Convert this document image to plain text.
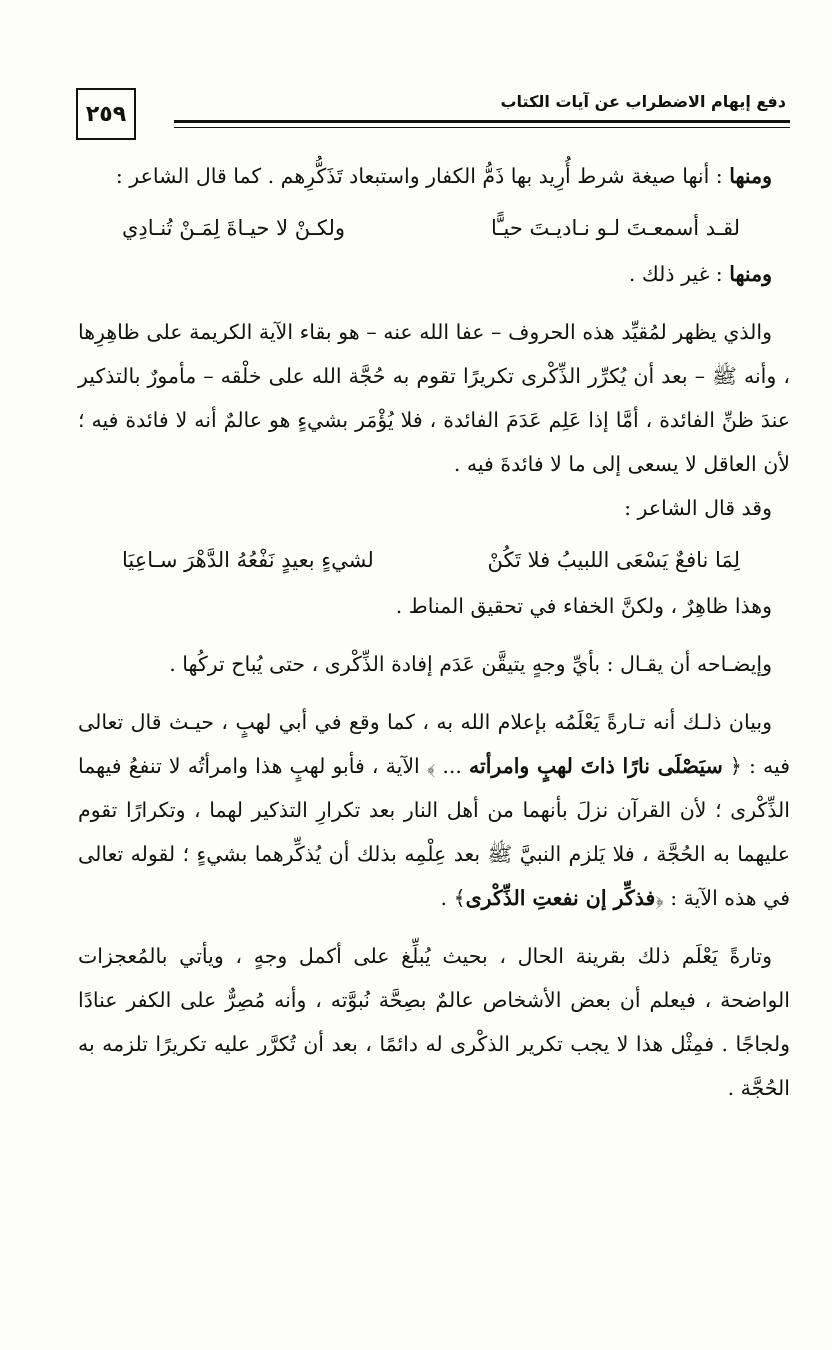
دفع إيهام الاضطراب عن آيات الكتاب
٢٥٩

ومنها : أنها صيغة شرط أُرِيد بها ذَمُّ الكفار واستبعاد تَذَكُّرِهم . كما قال الشاعر :

لقـد أسمعـتَ لـو نـاديـتَ حيـًّا
ولكـنْ لا حيـاةَ لِمَـنْ تُنـادِي

ومنها : غير ذلك .

والذي يظهر لمُقيِّد هذه الحروف – عفا الله عنه – هو بقاء الآية الكريمة على ظاهِرِها ، وأنه ﷺ – بعد أن يُكرِّر الذِّكْرى تكريرًا تقوم به حُجَّة الله على خلْقه – مأمورٌ بالتذكير عندَ ظنِّ الفائدة ، أمَّا إذا عَلِم عَدَمَ الفائدة ، فلا يُؤْمَر بشيءٍ هو عالمٌ أنه لا فائدة فيه ؛ لأن العاقل لا يسعى إلى ما لا فائدةَ فيه .

وقد قال الشاعر :

لِمَا نافعٌ يَسْعَى اللبيبُ فلا تَكُنْ
لشيءٍ بعيدٍ نَفْعُهُ الدَّهْرَ سـاعِيَا

وهذا ظاهِرٌ ، ولكنَّ الخفاء في تحقيق المناط .

وإيضـاحه أن يقـال : بأيِّ وجهٍ يتيقَّن عَدَم إفادة الذِّكْرى ، حتى يُباح تركُها .

وبيان ذلـك أنه تـارةً يَعْلَمُه بإعلام الله به ، كما وقع في أبي لهبٍ ، حيـث قال تعالى فيه : ﴿ سيَصْلَى نارًا ذاتَ لهبٍ وامرأته ... ﴾ الآية ، فأبو لهبٍ هذا وامرأتُه لا تنفعُ فيهما الذِّكْرى ؛ لأن القرآن نزلَ بأنهما من أهل النار بعد تكرارِ التذكير لهما ، وتكرارًا تقوم عليهما به الحُجَّة ، فلا يَلزم النبيَّ ﷺ بعد عِلْمِه بذلك أن يُذكِّرهما بشيءٍ ؛ لقوله تعالى في هذه الآية : ﴿فذكِّر إن نفعتِ الذِّكْرى﴾ .

وتارةً يَعْلَم ذلك بقرينة الحال ، بحيث يُبلِّغ على أكمل وجهٍ ، ويأتي بالمُعجزات الواضحة ، فيعلم أن بعض الأشخاص عالمٌ بصِحَّة نُبوَّته ، وأنه مُصِرٌّ على الكفر عنادًا ولجاجًا . فمِثْل هذا لا يجب تكرير الذكْرى له دائمًا ، بعد أن تُكرَّر عليه تكريرًا تلزمه به الحُجَّة .
